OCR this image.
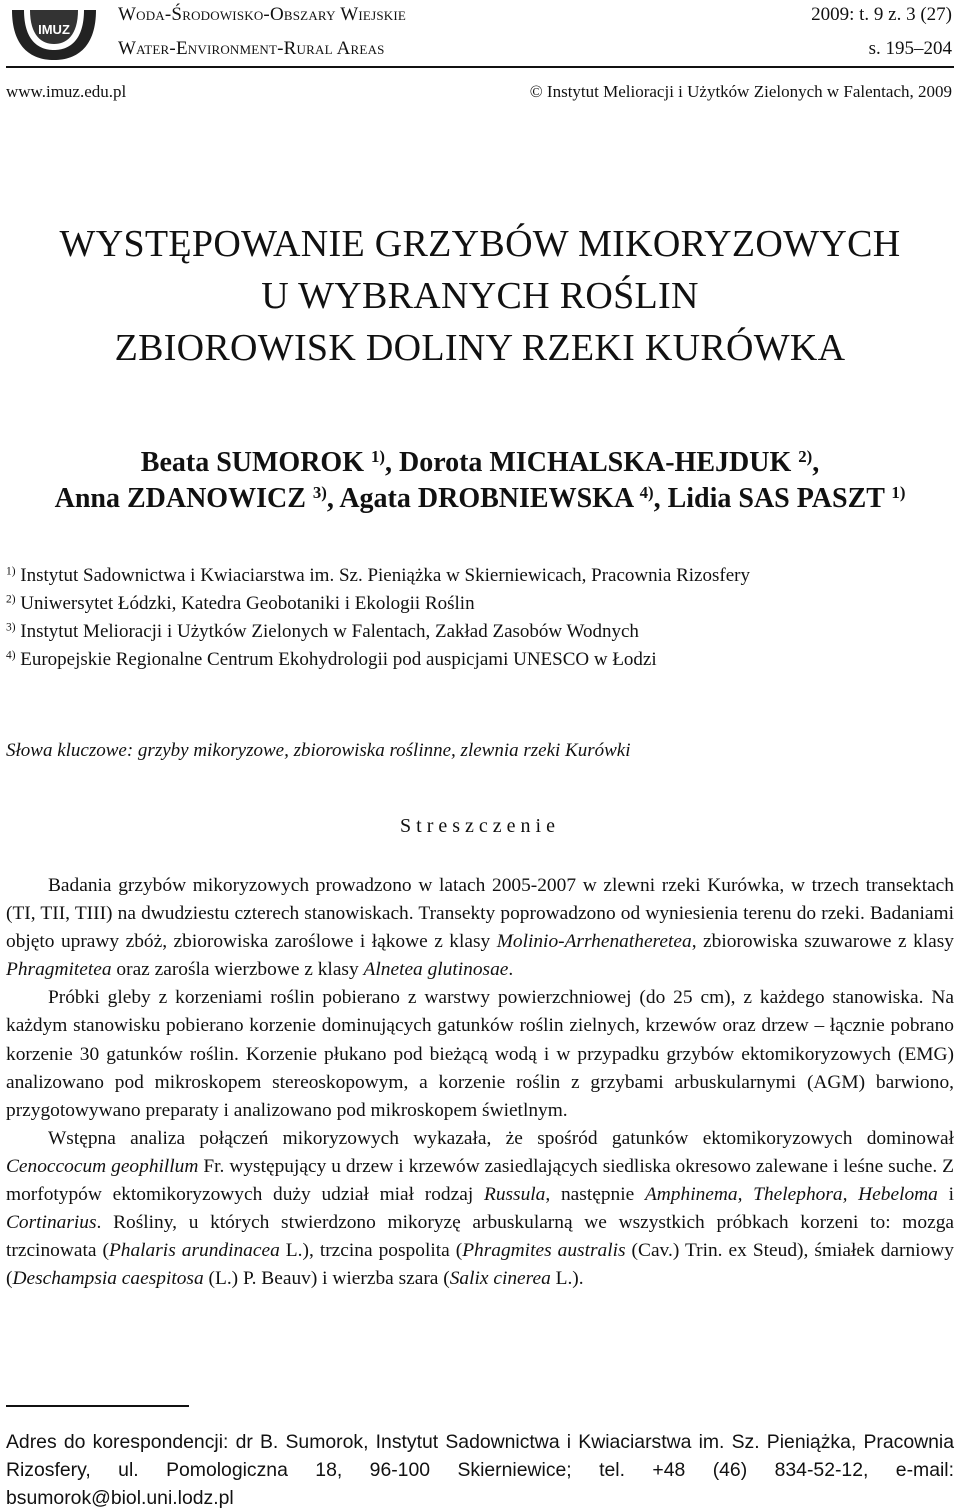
IMUZ
Woda-Środowisko-Obszary Wiejskie
Water-Environment-Rural Areas
2009: t. 9 z. 3 (27)
s. 195–204
www.imuz.edu.pl	© Instytut Melioracji i Użytków Zielonych w Falentach, 2009
WYSTĘPOWANIE GRZYBÓW MIKORYZOWYCH
U WYBRANYCH ROŚLIN
ZBIOROWISK DOLINY RZEKI KURÓWKA
Beata SUMOROK $^{1)}$, Dorota MICHALSKA-HEJDUK $^{2)}$,
Anna ZDANOWICZ $^{3)}$, Agata DROBNIEWSKA $^{4)}$, Lidia SAS PASZT $^{1)}$
$^{1)}$ Instytut Sadownictwa i Kwiaciarstwa im. Sz. Pieniążka w Skierniewicach, Pracownia Rizosfery
$^{2)}$ Uniwersytet Łódzki, Katedra Geobotaniki i Ekologii Roślin
$^{3)}$ Instytut Melioracji i Użytków Zielonych w Falentach, Zakład Zasobów Wodnych
$^{4)}$ Europejskie Regionalne Centrum Ekohydrologii pod auspicjami UNESCO w Łodzi
Słowa kluczowe: grzyby mikoryzowe, zbiorowiska roślinne, zlewnia rzeki Kurówki
Streszczenie

Badania grzybów mikoryzowych prowadzono w latach 2005-2007 w zlewni rzeki Kurówka, w trzech transektach (TI, TII, TIII) na dwudziestu czterech stanowiskach. Transekty poprowadzono od wyniesienia terenu do rzeki. Badaniami objęto uprawy zbóż, zbiorowiska zaroślowe i łąkowe z klasy Molinio-Arrhenatheretea, zbiorowiska szuwarowe z klasy Phragmitetea oraz zarośla wierzbowe z klasy Alnetea glutinosae.

Próbki gleby z korzeniami roślin pobierano z warstwy powierzchniowej (do 25 cm), z każdego stanowiska. Na każdym stanowisku pobierano korzenie dominujących gatunków roślin zielnych, krzewów oraz drzew – łącznie pobrano korzenie 30 gatunków roślin. Korzenie płukano pod bieżącą wodą i w przypadku grzybów ektomikoryzowych (EMG) analizowano pod mikroskopem stereoskopowym, a korzenie roślin z grzybami arbuskularnymi (AGM) barwiono, przygotowywano preparaty i analizowano pod mikroskopem świetlnym.

Wstępna analiza połączeń mikoryzowych wykazała, że spośród gatunków ektomikoryzowych dominował Cenoccocum geophillum Fr. występujący u drzew i krzewów zasiedlających siedliska okresowo zalewane i leśne suche. Z morfotypów ektomikoryzowych duży udział miał rodzaj Russula, następnie Amphinema, Thelephora, Hebeloma i Cortinarius. Rośliny, u których stwierdzono mikoryzę arbuskularną we wszystkich próbkach korzeni to: mozga trzcinowata (Phalaris arundinacea L.), trzcina pospolita (Phragmites australis (Cav.) Trin. ex Steud), śmiałek darniowy (Deschampsia caespitosa (L.) P. Beauv) i wierzba szara (Salix cinerea L.).

Adres do korespondencji: dr B. Sumorok, Instytut Sadownictwa i Kwiaciarstwa im. Sz. Pieniążka, Pracownia Rizosfery, ul. Pomologiczna 18, 96-100 Skierniewice; tel. +48 (46) 834-52-12, e-mail: bsumorok@biol.uni.lodz.pl
